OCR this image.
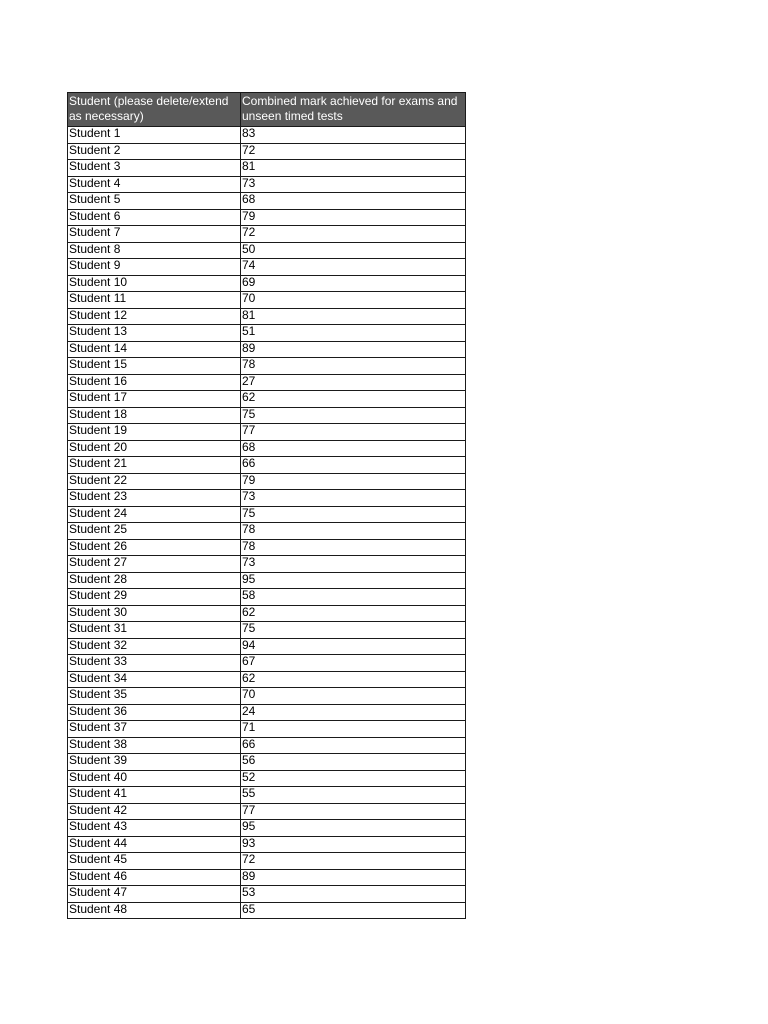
Student (please delete/extend as necessary)	Combined mark achieved for exams and unseen timed tests
Student 1	83
Student 2	72
Student 3	81
Student 4	73
Student 5	68
Student 6	79
Student 7	72
Student 8	50
Student 9	74
Student 10	69
Student 11	70
Student 12	81
Student 13	51
Student 14	89
Student 15	78
Student 16	27
Student 17	62
Student 18	75
Student 19	77
Student 20	68
Student 21	66
Student 22	79
Student 23	73
Student 24	75
Student 25	78
Student 26	78
Student 27	73
Student 28	95
Student 29	58
Student 30	62
Student 31	75
Student 32	94
Student 33	67
Student 34	62
Student 35	70
Student 36	24
Student 37	71
Student 38	66
Student 39	56
Student 40	52
Student 41	55
Student 42	77
Student 43	95
Student 44	93
Student 45	72
Student 46	89
Student 47	53
Student 48	65
